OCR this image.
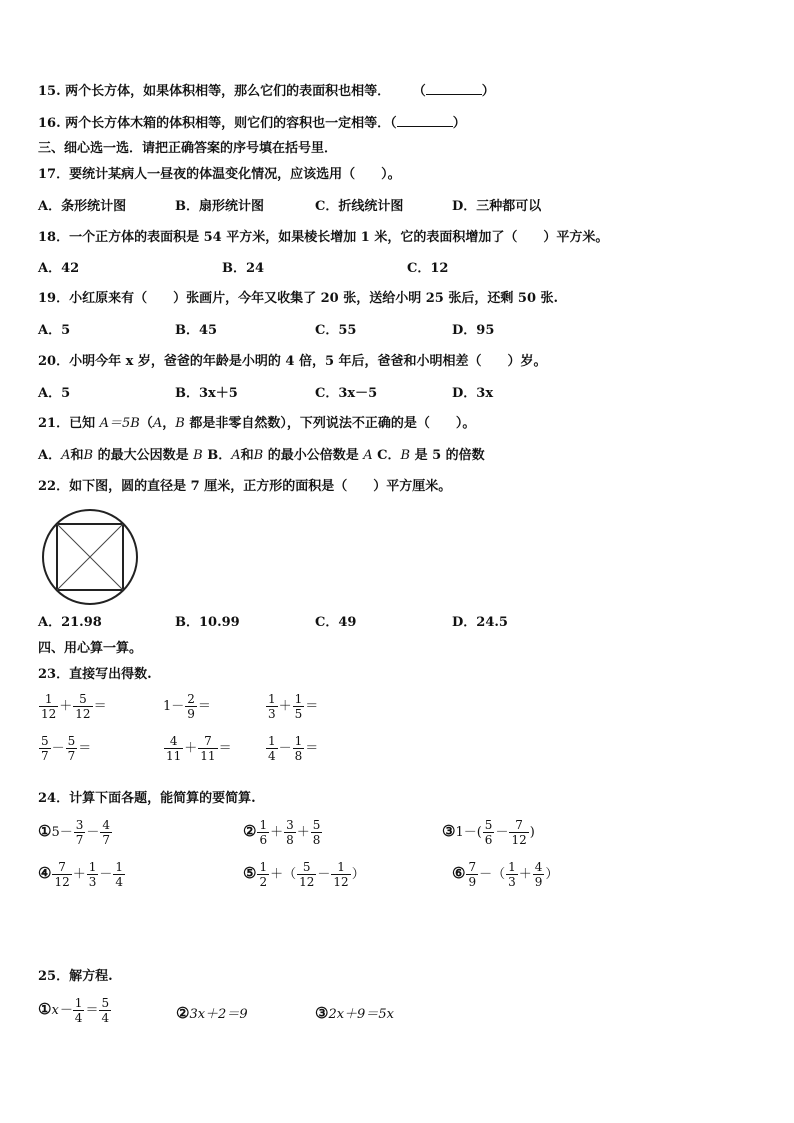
15. 两个长方体，如果体积相等，那么它们的表面积也相等． （	）
16. 两个长方体木箱的体积相等，则它们的容积也一定相等．（	）
三、细心选一选．请把正确答案的序号填在括号里．
17．要统计某病人一昼夜的体温变化情况，应该选用（　　）。
A．条形统计图	B．扇形统计图	C．折线统计图	D．三种都可以
18．一个正方体的表面积是 54 平方米，如果棱长增加 1 米，它的表面积增加了（　　）平方米。
A．42	B．24	C．12
19．小红原来有（　　）张画片，今年又收集了 20 张，送给小明 25 张后，还剩 50 张.
A．5	B．45	C．55	D．95
20．小明今年 x 岁，爸爸的年龄是小明的 4 倍，5 年后，爸爸和小明相差（　　）岁。
A．5	B．3x＋5	C．3x－5	D．3x
21．已知 A＝5B（A，B 都是非零自然数），下列说法不正确的是（　　）。
A．A和B 的最大公因数是 B B．A和B 的最小公倍数是 A C．B 是 5 的倍数
22．如下图，圆的直径是 7 厘米，正方形的面积是（　　）平方厘米。
A．21.98	B．10.99	C．49	D．24.5
四、用心算一算。
23．直接写出得数.
$\frac{1}{12} + \frac{5}{12}$ ＝	$1- \frac{2}{9}$ ＝	$\frac{1}{3} + \frac{1}{5}$ ＝
$\frac{5}{7} - \frac{5}{7}$ ＝	$\frac{4}{11} + \frac{7}{11}$ ＝	$\frac{1}{4} - \frac{1}{8}$ ＝
24．计算下面各题，能简算的要简算.
①5－ $\frac{3}{7} - \frac{4}{7}$	② $\frac{1}{6} + \frac{3}{8} + \frac{5}{8}$	③1－( $\frac{5}{6} - \frac{7}{12}$ )
④ $\frac{7}{12} + \frac{1}{3} - \frac{1}{4}$	⑤ $\frac{1}{2}$ ＋（ $\frac{5}{12} - \frac{1}{12}$ ）	⑥ $\frac{7}{9}$ －（ $\frac{1}{3} + \frac{4}{9}$ ）
25．解方程.
①x－ $\frac{1}{4} = \frac{5}{4}$	②3x＋2＝9	③2x＋9＝5x
